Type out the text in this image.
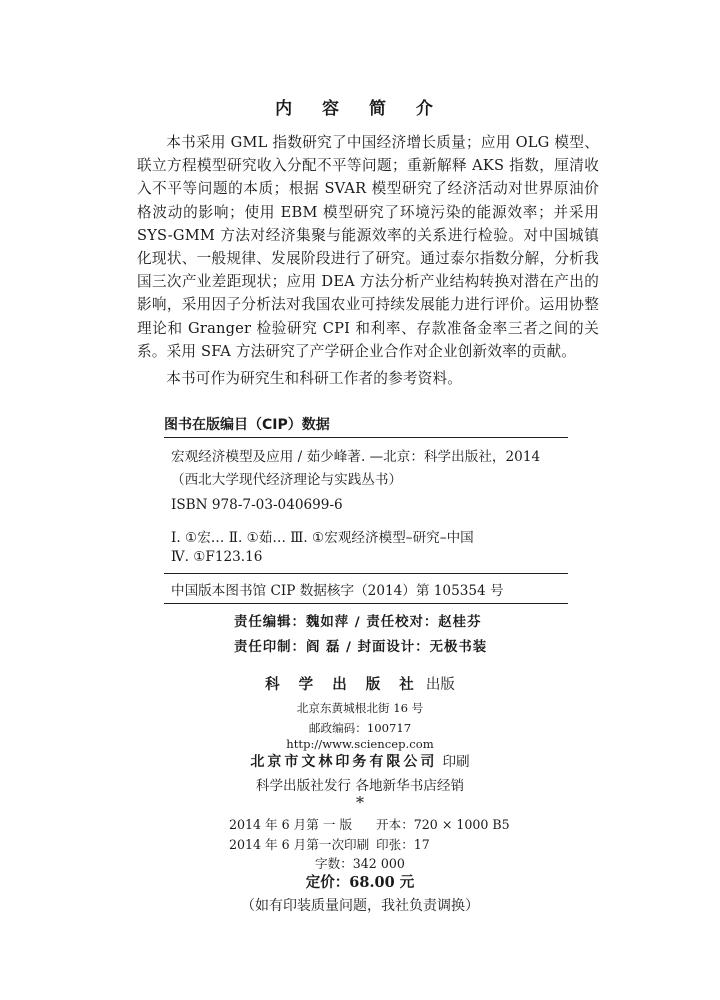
内 容 简 介

本书采用 GML 指数研究了中国经济增长质量；应用 OLG 模型、联立方程模型研究收入分配不平等问题；重新解释 AKS 指数，厘清收入不平等问题的本质；根据 SVAR 模型研究了经济活动对世界原油价格波动的影响；使用 EBM 模型研究了环境污染的能源效率；并采用 SYS-GMM 方法对经济集聚与能源效率的关系进行检验。对中国城镇化现状、一般规律、发展阶段进行了研究。通过泰尔指数分解，分析我国三次产业差距现状；应用 DEA 方法分析产业结构转换对潜在产出的影响，采用因子分析法对我国农业可持续发展能力进行评价。运用协整理论和 Granger 检验研究 CPI 和利率、存款准备金率三者之间的关系。采用 SFA 方法研究了产学研企业合作对企业创新效率的贡献。

本书可作为研究生和科研工作者的参考资料。

图书在版编目（CIP）数据
宏观经济模型及应用 / 茹少峰著. —北京：科学出版社，2014
（西北大学现代经济理论与实践丛书）
ISBN 978-7-03-040699-6
Ⅰ. ①宏… Ⅱ. ①茹… Ⅲ. ①宏观经济模型–研究–中国
Ⅳ. ①F123.16
中国版本图书馆 CIP 数据核字（2014）第 105354 号
责任编辑：魏如萍 / 责任校对：赵桂芬
责任印制：阎 磊 / 封面设计：无极书装
科 学 出 版 社 出版
北京东黄城根北街 16 号
邮政编码：100717
http://www.sciencep.com
北京市文林印务有限公司 印刷
科学出版社发行 各地新华书店经销
*
2014 年 6 月第 一 版 开本：720 × 1000 B5
2014 年 6 月第一次印刷 印张：17
字数：342 000
定价：68.00 元
（如有印装质量问题，我社负责调换）
